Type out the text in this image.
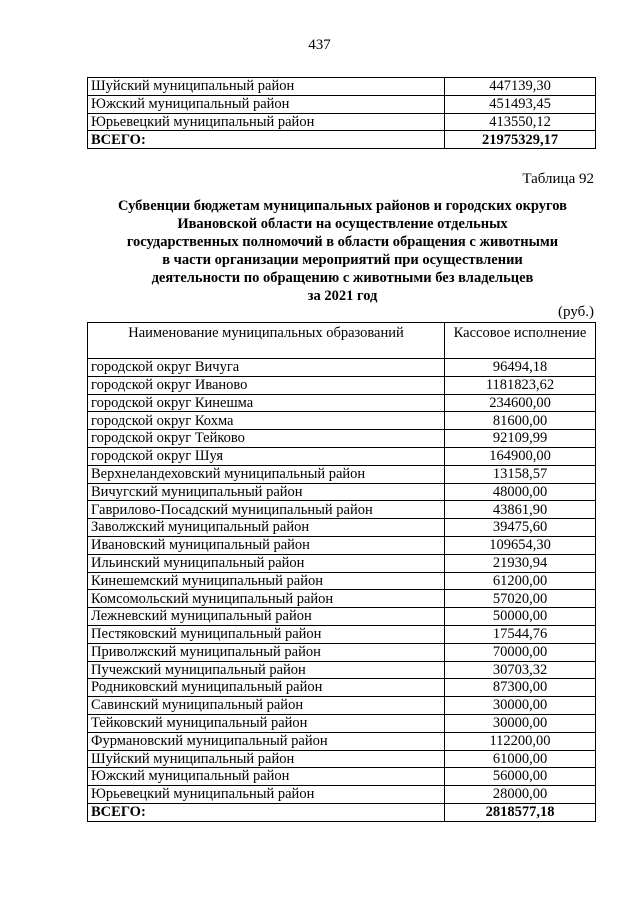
437
Шуйский муниципальный район	447139,30
Южский муниципальный район	451493,45
Юрьевецкий муниципальный район	413550,12
ВСЕГО:	21975329,17
Таблица 92
Субвенции бюджетам муниципальных районов и городских округов
Ивановской области на осуществление отдельных
государственных полномочий в области обращения с животными
в части организации мероприятий при осуществлении
деятельности по обращению с животными без владельцев
за 2021 год
(руб.)
Наименование муниципальных образований	Кассовое исполнение
городской округ Вичуга	96494,18
городской округ Иваново	1181823,62
городской округ Кинешма	234600,00
городской округ Кохма	81600,00
городской округ Тейково	92109,99
городской округ Шуя	164900,00
Верхнеландеховский муниципальный район	13158,57
Вичугский муниципальный район	48000,00
Гаврилово-Посадский муниципальный район	43861,90
Заволжский муниципальный район	39475,60
Ивановский муниципальный район	109654,30
Ильинский муниципальный район	21930,94
Кинешемский муниципальный район	61200,00
Комсомольский муниципальный район	57020,00
Лежневский муниципальный район	50000,00
Пестяковский муниципальный район	17544,76
Приволжский муниципальный район	70000,00
Пучежский муниципальный район	30703,32
Родниковский муниципальный район	87300,00
Савинский муниципальный район	30000,00
Тейковский муниципальный район	30000,00
Фурмановский муниципальный район	112200,00
Шуйский муниципальный район	61000,00
Южский муниципальный район	56000,00
Юрьевецкий муниципальный район	28000,00
ВСЕГО:	2818577,18
